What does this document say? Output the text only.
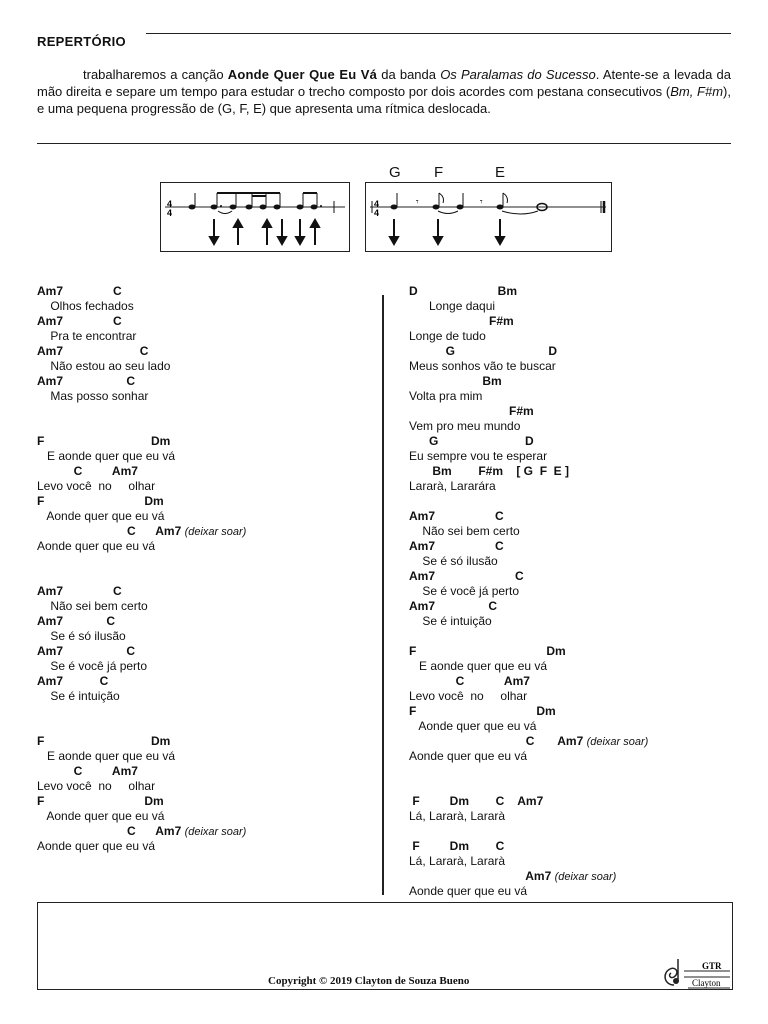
REPERTÓRIO
trabalharemos a canção Aonde Quer Que Eu Vá da banda Os Paralamas do Sucesso. Atente-se a levada da mão direita e separe um tempo para estudar o trecho composto por dois acordes com pestana consecutivos (Bm, F#m), e uma pequena progressão de (G, F, E) que apresenta uma rítmica deslocada.
G F	E
4
4
4
4
𝄾	𝄾
Am7               C
Olhos fechados
Am7               C
Pra te encontrar
Am7                       C
Não estou ao seu lado
Am7                   C
Mas posso sonhar
F                                Dm
E aonde quer que eu vá
C         Am7
Levo você  no     olhar
F                              Dm
Aonde quer que eu vá
C      Am7 (deixar soar)
Aonde quer que eu vá
Am7               C
Não sei bem certo
Am7             C
Se é só ilusão
Am7                   C
Se é você já perto
Am7           C
Se é intuição
F                                Dm
E aonde quer que eu vá
C         Am7
Levo você  no     olhar
F                              Dm
Aonde quer que eu vá
C      Am7 (deixar soar)
Aonde quer que eu vá
D                        Bm
Longe daqui
F#m
Longe de tudo
G                            D
Meus sonhos vão te buscar
Bm
Volta pra mim
F#m
Vem pro meu mundo
G                          D
Eu sempre vou te esperar
Bm        F#m    [ G  F  E ]
Lararà, Lararára
Am7                  C
Não sei bem certo
Am7                  C
Se é só ilusão
Am7                        C
Se é você já perto
Am7                C
Se é intuição
F                                       Dm
E aonde quer que eu vá
C            Am7
Levo você  no     olhar
F                                    Dm
Aonde quer que eu vá
C       Am7 (deixar soar)
Aonde quer que eu vá
F         Dm        C    Am7
Lá, Lararà, Lararà
F         Dm        C
Lá, Lararà, Lararà
Am7 (deixar soar)
Aonde quer que eu vá
Copyright © 2019 Clayton de Souza Bueno
GTR
Clayton
